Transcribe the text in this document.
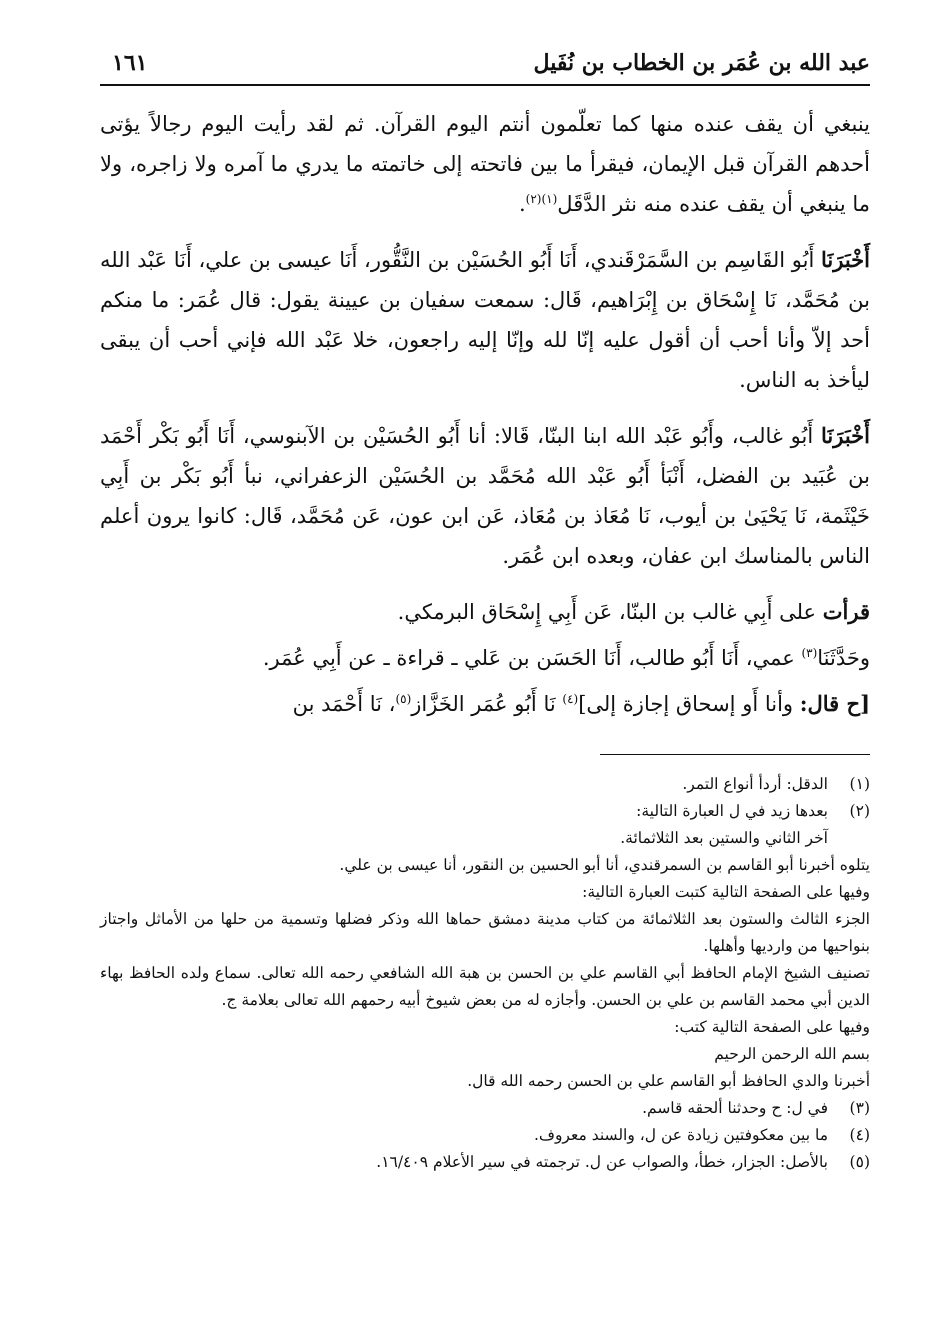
عبد الله بن عُمَر بن الخطاب بن نُفَيل
١٦١

ينبغي أن يقف عنده منها كما تعلّمون أنتم اليوم القرآن. ثم لقد رأيت اليوم رجالاً يؤتى أحدهم القرآن قبل الإيمان، فيقرأ ما بين فاتحته إلى خاتمته ما يدري ما آمره ولا زاجره، ولا ما ينبغي أن يقف عنده منه نثر الدَّقَل$^{(١)(٢)}$.

أَخْبَرَنَا أَبُو القَاسِم بن السَّمَرْقَندي، أَنَا أَبُو الحُسَيْن بن النَّقُّور، أَنَا عيسى بن علي، أَنَا عَبْد الله بن مُحَمَّد، نَا إِسْحَاق بن إِبْرَاهيم، قَال: سمعت سفيان بن عيينة يقول: قال عُمَر: ما منكم أحد إلاّ وأنا أحب أن أقول عليه إنّا لله وإنّا إليه راجعون، خلا عَبْد الله فإني أحب أن يبقى ليأخذ به الناس.

أَخْبَرَنَا أَبُو غالب، وأَبُو عَبْد الله ابنا البنّا، قَالا: أنا أَبُو الحُسَيْن بن الآبنوسي، أَنَا أَبُو بَكْر أَحْمَد بن عُبَيد بن الفضل، أَنْبَأ أَبُو عَبْد الله مُحَمَّد بن الحُسَيْن الزعفراني، نبأ أَبُو بَكْر بن أَبِي خَيْثَمة، نَا يَحْيَىٰ بن أيوب، نَا مُعَاذ بن مُعَاذ، عَن ابن عون، عَن مُحَمَّد، قَال: كانوا يرون أعلم الناس بالمناسك ابن عفان، وبعده ابن عُمَر.

قرأت على أَبِي غالب بن البنّا، عَن أَبِي إِسْحَاق البرمكي.

وحَدَّثَنَا$^{(٣)}$ عمي، أَنَا أَبُو طالب، أَنَا الحَسَن بن عَلي ـ قراءة ـ عن أَبِي عُمَر.

[ح قال: وأنا أَو إسحاق إجازة إلى]$^{(٤)}$ نَا أَبُو عُمَر الخَزَّاز$^{(٥)}$، نَا أَحْمَد بن

(١)
الدقل: أردأ أنواع التمر.
(٢)
بعدها زيد في ل العبارة التالية:
آخر الثاني والستين بعد الثلاثمائة.
يتلوه أخبرنا أبو القاسم بن السمرقندي، أنا أبو الحسين بن النقور، أنا عيسى بن علي.
وفيها على الصفحة التالية كتبت العبارة التالية:
الجزء الثالث والستون بعد الثلاثمائة من كتاب مدينة دمشق حماها الله وذكر فضلها وتسمية من حلها من الأماثل واجتاز بنواحيها من وارديها وأهلها.
تصنيف الشيخ الإمام الحافظ أبي القاسم علي بن الحسن بن هبة الله الشافعي رحمه الله تعالى. سماع ولده الحافظ بهاء الدين أبي محمد القاسم بن علي بن الحسن. وأجازه له من بعض شيوخ أبيه رحمهم الله تعالى بعلامة ج.
وفيها على الصفحة التالية كتب:
بسم الله الرحمن الرحيم
أخبرنا والدي الحافظ أبو القاسم علي بن الحسن رحمه الله قال.
(٣)
في ل: ح وحدثنا ألحقه قاسم.
(٤)
ما بين معكوفتين زيادة عن ل، والسند معروف.
(٥)
بالأصل: الجزار، خطأ، والصواب عن ل. ترجمته في سير الأعلام ١٦/٤٠٩.
